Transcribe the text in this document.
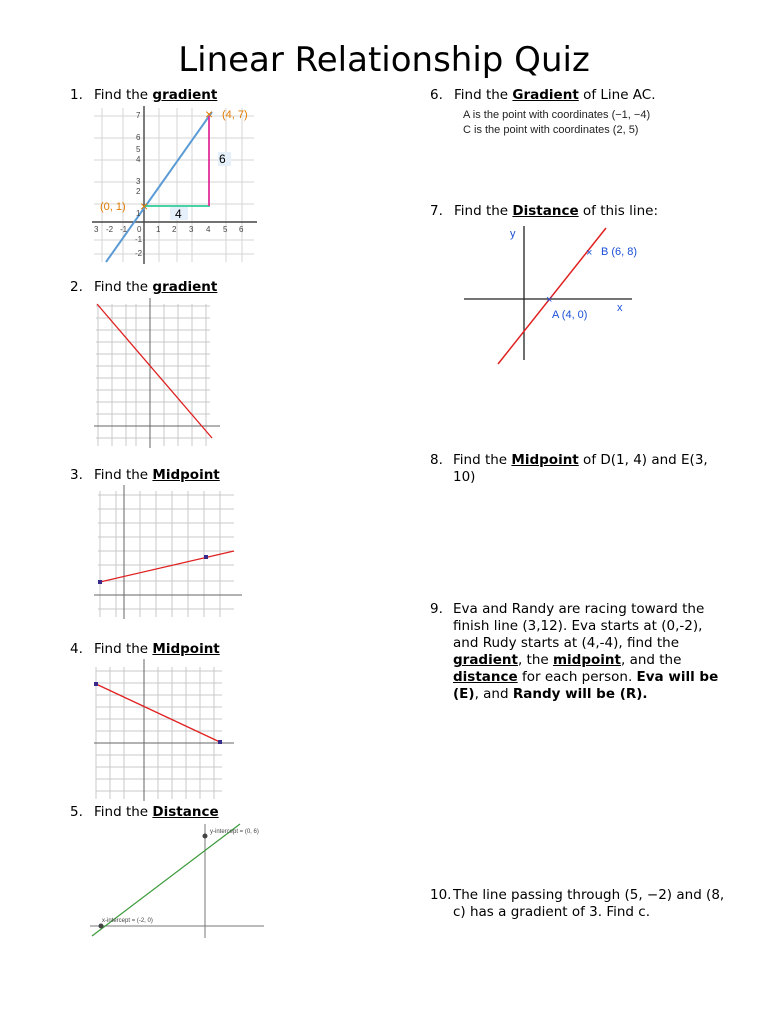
Linear Relationship Quiz
1. Find the gradient
6
4
×
×
(4, 7)
(0, 1)
7
6
5
4
3
2
1
-1
-2
3 -2 -1 0 1 2 3 4 5 6
2. Find the gradient
3. Find the Midpoint
4. Find the Midpoint
5. Find the Distance
y-intercept = (0, 6)
x-intercept = (-2, 0)
6. Find the Gradient of Line AC.
A is the point with coordinates (−1, −4)
C is the point with coordinates (2, 5)
7. Find the Distance of this line:
y
x
×
×
B (6, 8)
A (4, 0)
8. Find the Midpoint of D(1, 4) and E(3, 10)
9. Eva and Randy are racing toward the finish line (3,12). Eva starts at (0,-2), and Rudy starts at (4,-4), find the gradient, the midpoint, and the distance for each person. Eva will be (E), and Randy will be (R).
10. The line passing through (5, −2) and (8, c) has a gradient of 3. Find c.
